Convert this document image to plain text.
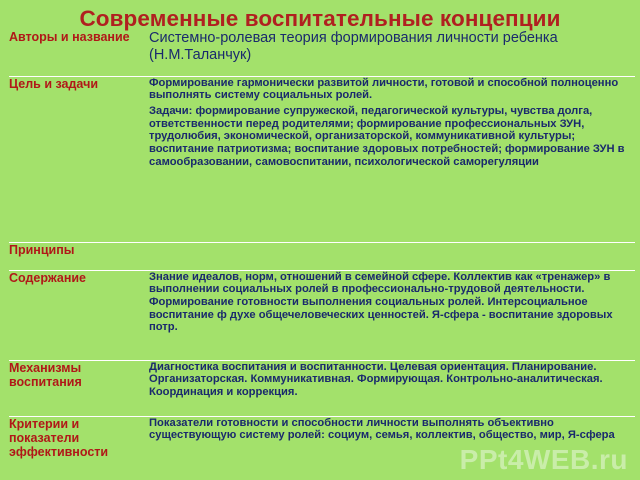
Современные воспитательные концепции
Авторы и название	Системно-ролевая теория формирования личности ребенка (Н.М.Таланчук)

Цель и задачи	Формирование гармонически развитой личности, готовой и способной полноценно выполнять систему социальных ролей.
Задачи: формирование супружеской, педагогической культуры, чувства долга, ответственности перед родителями; формирование профессиональных ЗУН, трудолюбия, экономической, организаторской, коммуникативной культуры; воспитание патриотизма; воспитание здоровых потребностей; формирование ЗУН в самообразовании, самовоспитании, психологической саморегуляции

Принципы	
Содержание	Знание идеалов, норм, отношений в семейной сфере. Коллектив как «тренажер» в выполнении социальных ролей в профессионально-трудовой деятельности. Формирование готовности выполнения социальных ролей. Интерсоциальное воспитание ф духе общечеловеческих ценностей. Я-сфера - воспитание здоровых потр.

Механизмы воспитания	Диагностика воспитания и воспитанности. Целевая ориентация. Планирование. Организаторская. Коммуникативная. Формирующая. Контрольно-аналитическая. Координация и коррекция.

Критерии и показатели эффективности	Показатели готовности и способности личности выполнять объективно существующую систему ролей: социум, семья, коллектив, общество, мир, Я-сфера
PPt4WEB.ru
